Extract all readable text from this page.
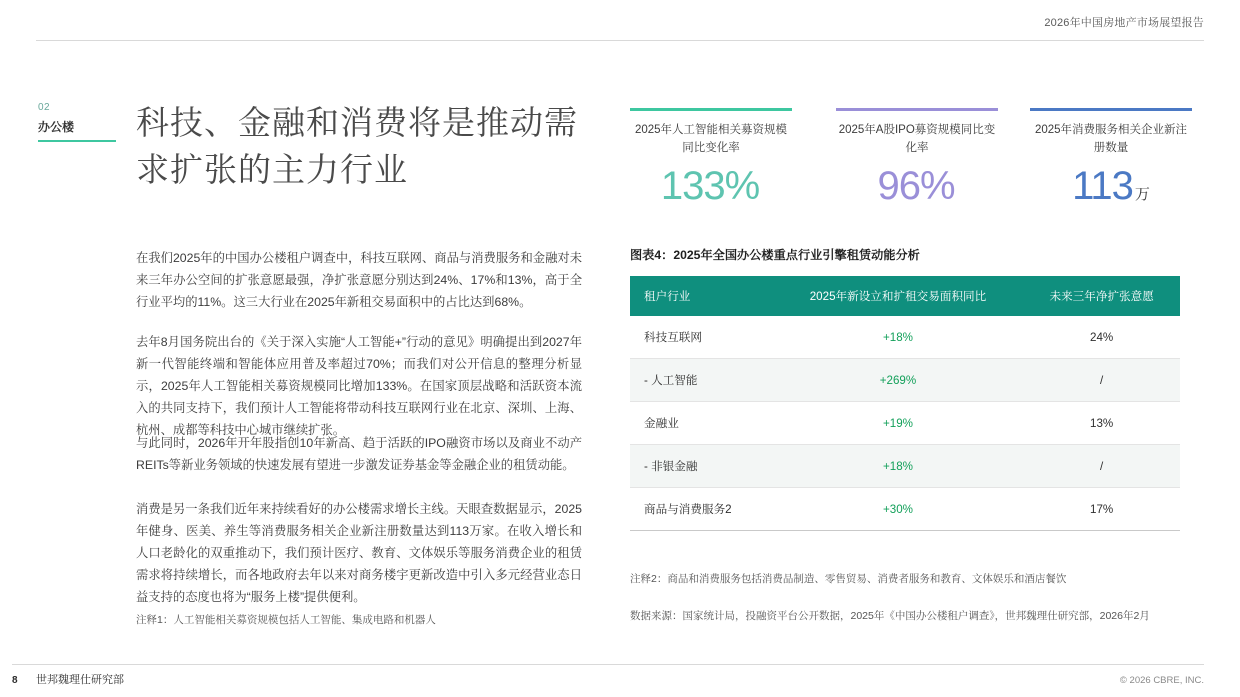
2026年中国房地产市场展望报告
02
办公楼 科技、金融和消费将是推动需求扩张的主力行业

在我们2025年的中国办公楼租户调查中，科技互联网、商品与消费服务和金融对未来三年办公空间的扩张意愿最强，净扩张意愿分别达到24%、17%和13%，高于全行业平均的11%。这三大行业在2025年新租交易面积中的占比达到68%。

去年8月国务院出台的《关于深入实施“人工智能+”行动的意见》明确提出到2027年新一代智能终端和智能体应用普及率超过70%；而我们对公开信息的整理分析显示，2025年人工智能相关募资规模同比增加133%。在国家顶层战略和活跃资本流入的共同支持下，我们预计人工智能将带动科技互联网行业在北京、深圳、上海、杭州、成都等科技中心城市继续扩张。

与此同时，2026年开年股指创10年新高、趋于活跃的IPO融资市场以及商业不动产REITs等新业务领域的快速发展有望进一步激发证券基金等金融企业的租赁动能。

消费是另一条我们近年来持续看好的办公楼需求增长主线。天眼查数据显示，2025年健身、医美、养生等消费服务相关企业新注册数量达到113万家。在收入增长和人口老龄化的双重推动下，我们预计医疗、教育、文体娱乐等服务消费企业的租赁需求将持续增长，而各地政府去年以来对商务楼宇更新改造中引入多元经营业态日益支持的态度也将为“服务上楼”提供便利。

注释1：人工智能相关募资规模包括人工智能、集成电路和机器人
2025年人工智能相关募资规模同比变化率
133%
2025年A股IPO募资规模同比变化率
96%
2025年消费服务相关企业新注册数量
113 万
图表4：2025年全国办公楼重点行业引擎租赁动能分析
租户行业	2025年新设立和扩租交易面积同比	未来三年净扩张意愿
科技互联网	+18%	24%
- 人工智能	+269%	/
金融业	+19%	13%
- 非银金融	+18%	/
商品与消费服务2	+30%	17%
注释2：商品和消费服务包括消费品制造、零售贸易、消费者服务和教育、文体娱乐和酒店餐饮
数据来源：国家统计局，投融资平台公开数据，2025年《中国办公楼租户调查》，世邦魏理仕研究部，2026年2月
8 世邦魏理仕研究部	© 2026 CBRE, INC.
